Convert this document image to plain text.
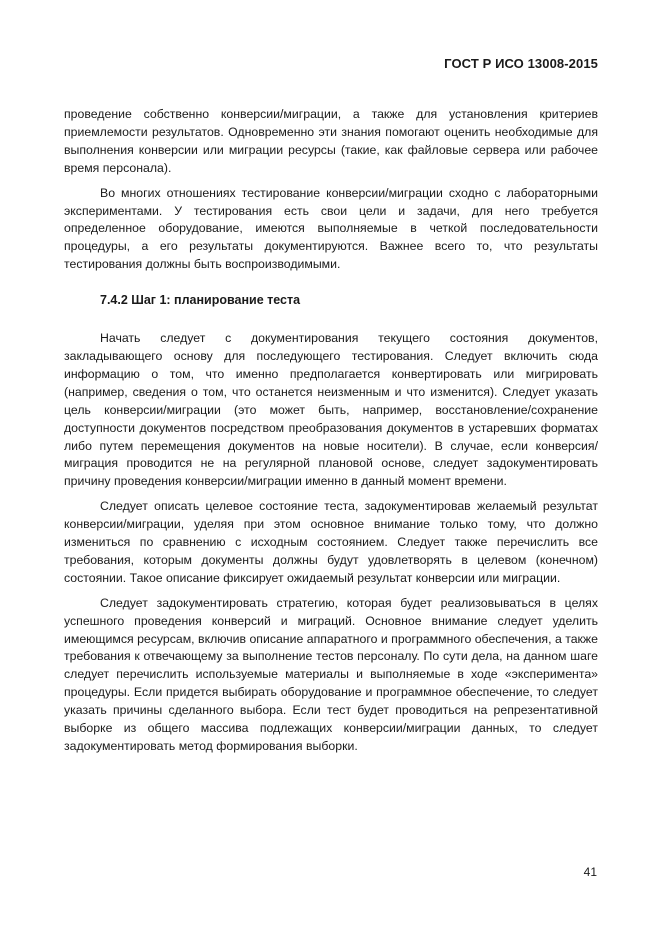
ГОСТ Р ИСО 13008-2015

проведение собственно конверсии/миграции, а также для установления критериев приемлемости результатов. Одновременно эти знания помогают оценить необходимые для выполнения конверсии или миграции ресурсы (такие, как файловые сервера или рабочее время персонала).

Во многих отношениях тестирование конверсии/миграции сходно с лабораторными экспериментами. У тестирования есть свои цели и задачи, для него требуется определенное оборудование, имеются выполняемые в четкой последовательности процедуры, а его результаты документируются. Важнее всего то, что результаты тестирования должны быть воспроизводимыми.

7.4.2 Шаг 1: планирование теста

Начать следует с документирования текущего состояния документов, закладывающего основу для последующего тестирования. Следует включить сюда информацию о том, что именно предполагается конвертировать или мигрировать (например, сведения о том, что останется неизменным и что изменится). Следует указать цель конверсии/миграции (это может быть, например, восстановление/сохранение доступности документов посредством преобразования документов в устаревших форматах либо путем перемещения документов на новые носители). В случае, если конверсия/миграция проводится не на регулярной плановой основе, следует задокументировать причину проведения конверсии/миграции именно в данный момент времени.

Следует описать целевое состояние теста, задокументировав желаемый результат конверсии/миграции, уделяя при этом основное внимание только тому, что должно измениться по сравнению с исходным состоянием. Следует также перечислить все требования, которым документы должны будут удовлетворять в целевом (конечном) состоянии. Такое описание фиксирует ожидаемый результат конверсии или миграции.

Следует задокументировать стратегию, которая будет реализовываться в целях успешного проведения конверсий и миграций. Основное внимание следует уделить имеющимся ресурсам, включив описание аппаратного и программного обеспечения, а также требования к отвечающему за выполнение тестов персоналу. По сути дела, на данном шаге следует перечислить используемые материалы и выполняемые в ходе «эксперимента» процедуры. Если придется выбирать оборудование и программное обеспечение, то следует указать причины сделанного выбора. Если тест будет проводиться на репрезентативной выборке из общего массива подлежащих конверсии/миграции данных, то следует задокументировать метод формирования выборки.

41
